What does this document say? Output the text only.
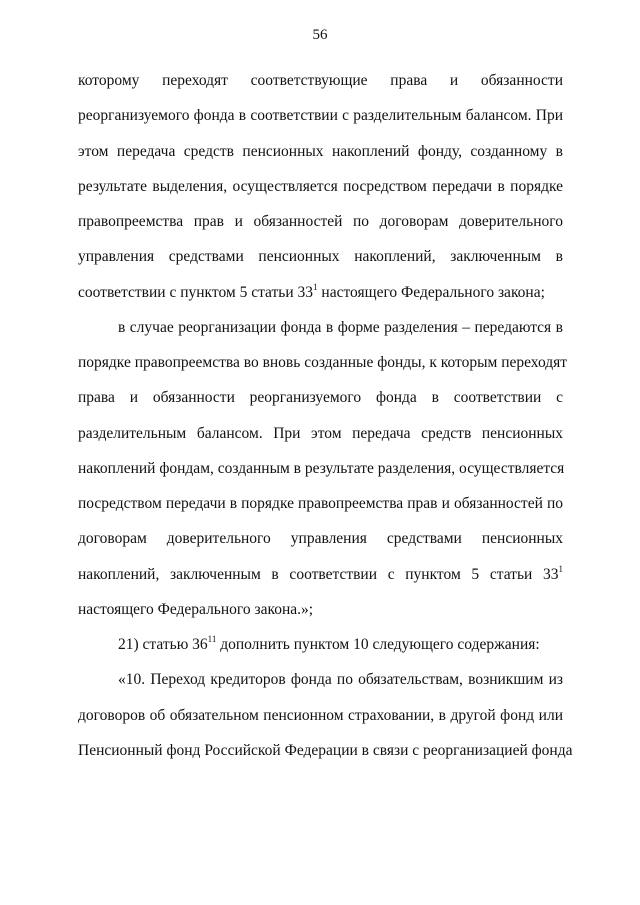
56
которому переходят соответствующие права и обязанности
реорганизуемого фонда в соответствии с разделительным балансом. При
этом передача средств пенсионных накоплений фонду, созданному в
результате выделения, осуществляется посредством передачи в порядке
правопреемства прав и обязанностей по договорам доверительного
управления средствами пенсионных накоплений, заключенным в
соответствии с пунктом 5 статьи $33^1$ настоящего Федерального закона;
в случае реорганизации фонда в форме разделения – передаются в
порядке правопреемства во вновь созданные фонды, к которым переходят
права и обязанности реорганизуемого фонда в соответствии с
разделительным балансом. При этом передача средств пенсионных
накоплений фондам, созданным в результате разделения, осуществляется
посредством передачи в порядке правопреемства прав и обязанностей по
договорам доверительного управления средствами пенсионных
накоплений, заключенным в соответствии с пунктом 5 статьи $33^1$
настоящего Федерального закона.»;
21) статью $36^{11}$ дополнить пунктом 10 следующего содержания:
«10. Переход кредиторов фонда по обязательствам, возникшим из
договоров об обязательном пенсионном страховании, в другой фонд или
Пенсионный фонд Российской Федерации в связи с реорганизацией фонда
